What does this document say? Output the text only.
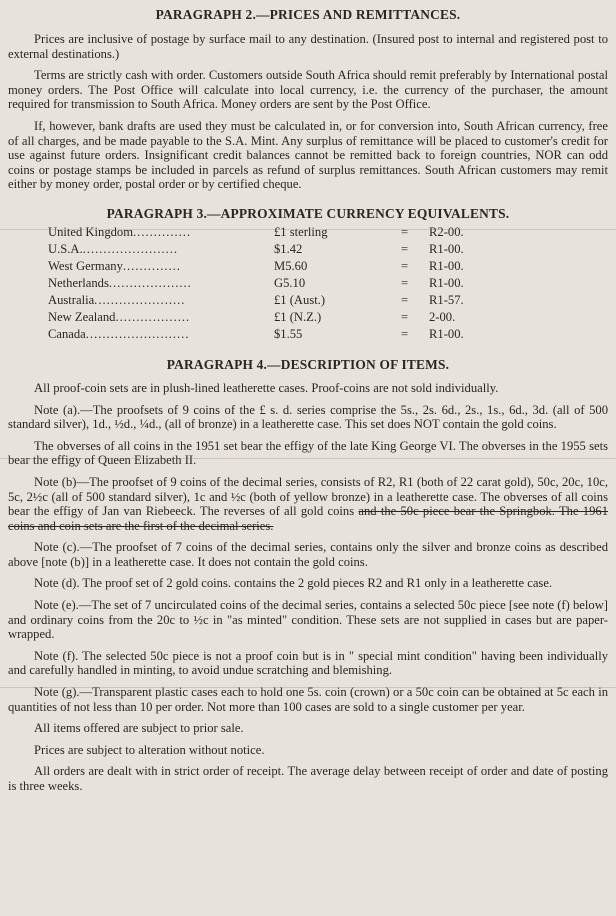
PARAGRAPH 2.—PRICES AND REMITTANCES.

Prices are inclusive of postage by surface mail to any destination. (Insured post to internal and registered post to external destinations.)

Terms are strictly cash with order. Customers outside South Africa should remit preferably by International postal money orders. The Post Office will calculate into local currency, i.e. the currency of the purchaser, the amount required for transmission to South Africa. Money orders are sent by the Post Office.

If, however, bank drafts are used they must be calculated in, or for conversion into, South African currency, free of all charges, and be made payable to the S.A. Mint. Any surplus of remittance will be placed to customer's credit for use against future orders. Insignificant credit balances cannot be remitted back to foreign countries, NOR can odd coins or postage stamps be included in parcels as refund of surplus remittances. South African customers may remit either by money order, postal order or by certified cheque.

PARAGRAPH 3.—APPROXIMATE CURRENCY EQUIVALENTS.
United Kingdom..............	£1 sterling	=	R2-00.
U.S.A........................	$1.42	=	R1-00.
West Germany..............	M5.60	=	R1-00.
Netherlands....................	G5.10	=	R1-00.
Australia......................	£1 (Aust.)	=	R1-57.
New Zealand..................	£1 (N.Z.)	=	2-00.
Canada.........................	$1.55	=	R1-00.
PARAGRAPH 4.—DESCRIPTION OF ITEMS.

All proof-coin sets are in plush-lined leatherette cases. Proof-coins are not sold individually.

Note (a).—The proofsets of 9 coins of the £ s. d. series comprise the 5s., 2s. 6d., 2s., 1s., 6d., 3d. (all of 500 standard silver), 1d., ½d., ¼d., (all of bronze) in a leatherette case. This set does NOT contain the gold coins.

The obverses of all coins in the 1951 set bear the effigy of the late King George VI. The obverses in the 1955 sets bear the effigy of Queen Elizabeth II.

Note (b)—The proofset of 9 coins of the decimal series, consists of R2, R1 (both of 22 carat gold), 50c, 20c, 10c, 5c, 2½c (all of 500 standard silver), 1c and ½c (both of yellow bronze) in a leatherette case. The obverses of all coins bear the effigy of Jan van Riebeeck. The reverses of all gold coins and the 50c piece bear the Springbok. The 1961 coins and coin sets are the first of the decimal series.

Note (c).—The proofset of 7 coins of the decimal series, contains only the silver and bronze coins as described above [note (b)] in a leatherette case. It does not contain the gold coins.

Note (d). The proof set of 2 gold coins. contains the 2 gold pieces R2 and R1 only in a leatherette case.

Note (e).—The set of 7 uncirculated coins of the decimal series, contains a selected 50c piece [see note (f) below] and ordinary coins from the 20c to ½c in "as minted" condition. These sets are not supplied in cases but are paper-wrapped.

Note (f). The selected 50c piece is not a proof coin but is in " special mint condition" having been individually and carefully handled in minting, to avoid undue scratching and blemishing.

Note (g).—Transparent plastic cases each to hold one 5s. coin (crown) or a 50c coin can be obtained at 5c each in quantities of not less than 10 per order. Not more than 100 cases are sold to a single customer per year.

All items offered are subject to prior sale.

Prices are subject to alteration without notice.

All orders are dealt with in strict order of receipt. The average delay between receipt of order and date of posting is three weeks.
